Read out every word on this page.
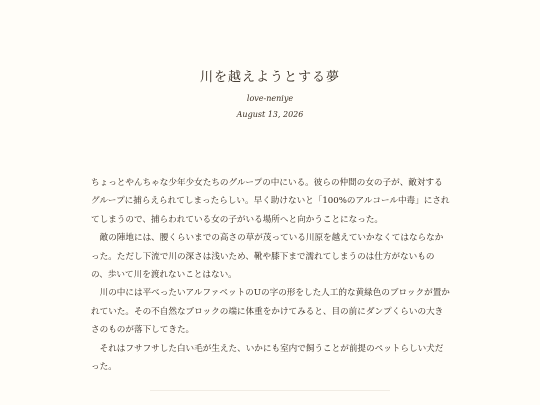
川を越えようとする夢
love-neniye
August 13, 2026

ちょっとやんちゃな少年少女たちのグループの中にいる。彼らの仲間の女の子が、敵対するグループに捕らえられてしまったらしい。早く助けないと「100%のアルコール中毒」にされてしまうので、捕らわれている女の子がいる場所へと向かうことになった。

敵の陣地には、腰くらいまでの高さの草が茂っている川原を越えていかなくてはならなかった。ただし下流で川の深さは浅いため、靴や膝下まで濡れてしまうのは仕方がないものの、歩いて川を渡れないことはない。

川の中には平べったいアルファベットのUの字の形をした人工的な黄緑色のブロックが置かれていた。その不自然なブロックの端に体重をかけてみると、目の前にダンプくらいの大きさのものが落下してきた。

それはフサフサした白い毛が生えた、いかにも室内で飼うことが前提のペットらしい犬だった。
